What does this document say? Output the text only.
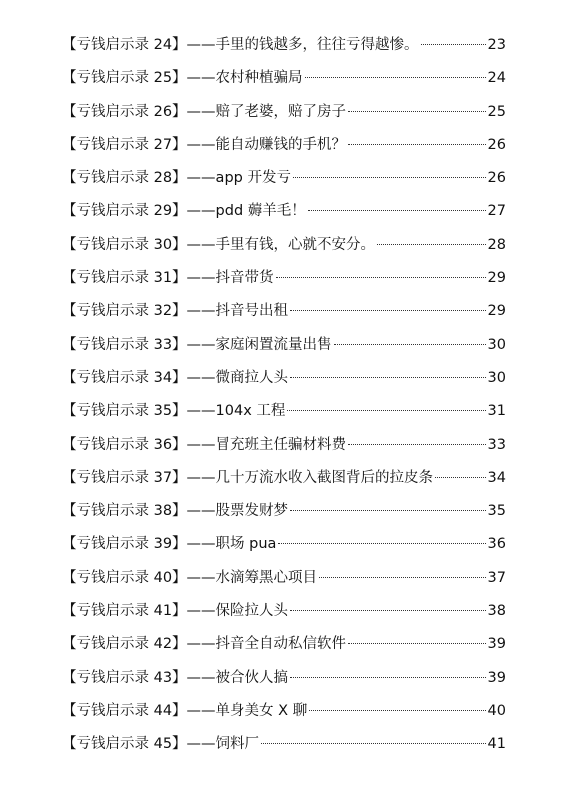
【亏钱启示录 24】——手里的钱越多，往往亏得越惨。	23
【亏钱启示录 25】——农村种植骗局	24
【亏钱启示录 26】——赔了老婆，赔了房子	25
【亏钱启示录 27】——能自动赚钱的手机？	26
【亏钱启示录 28】——app 开发亏	26
【亏钱启示录 29】——pdd 薅羊毛！	27
【亏钱启示录 30】——手里有钱，心就不安分。	28
【亏钱启示录 31】——抖音带货	29
【亏钱启示录 32】——抖音号出租	29
【亏钱启示录 33】——家庭闲置流量出售	30
【亏钱启示录 34】——微商拉人头	30
【亏钱启示录 35】——104x 工程	31
【亏钱启示录 36】——冒充班主任骗材料费	33
【亏钱启示录 37】——几十万流水收入截图背后的拉皮条	34
【亏钱启示录 38】——股票发财梦	35
【亏钱启示录 39】——职场 pua	36
【亏钱启示录 40】——水滴筹黑心项目	37
【亏钱启示录 41】——保险拉人头	38
【亏钱启示录 42】——抖音全自动私信软件	39
【亏钱启示录 43】——被合伙人搞	39
【亏钱启示录 44】——单身美女 X 聊	40
【亏钱启示录 45】——饲料厂	41
